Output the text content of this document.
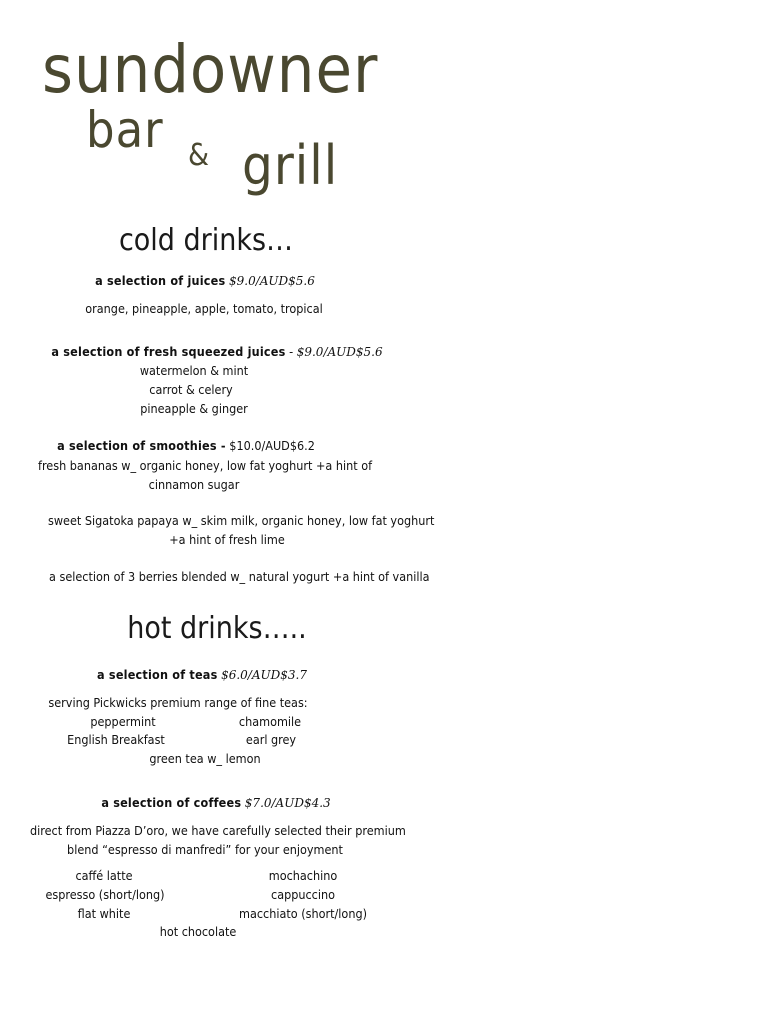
sundowner
bar & grill
cold drinks…
a selection of juices $9.0/AUD$5.6
orange, pineapple, apple, tomato, tropical
a selection of fresh squeezed juices - $9.0/AUD$5.6
watermelon & mint
carrot & celery
pineapple & ginger
a selection of smoothies - $10.0/AUD$6.2
fresh bananas w_ organic honey, low fat yoghurt +a hint of
cinnamon sugar
sweet Sigatoka papaya w_ skim milk, organic honey, low fat yoghurt
+a hint of fresh lime
a selection of 3 berries blended w_ natural yogurt +a hint of vanilla
hot drinks…..
a selection of teas $6.0/AUD$3.7
serving Pickwicks premium range of fine teas:
peppermint	chamomile
English Breakfast	earl grey
green tea w_ lemon
a selection of coffees $7.0/AUD$4.3
direct from Piazza D’oro, we have carefully selected their premium
blend “espresso di manfredi” for your enjoyment
caffé latte	mochachino
espresso (short/long)	cappuccino
flat white	macchiato (short/long)
hot chocolate
